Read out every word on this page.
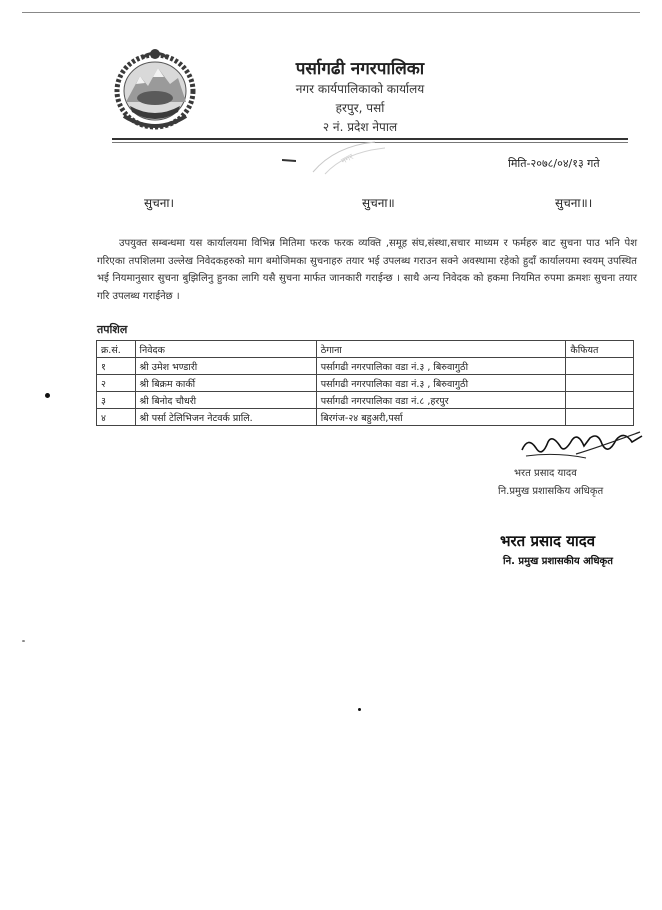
पर्सागढी नगरपालिका
नगर कार्यपालिकाको कार्यालय
हरपुर, पर्सा
२ नं. प्रदेश नेपाल
नगर	मिति-२०७८/०४/१३ गते
सुचना।	सुचना॥	सुचना॥।
उपयुक्त सम्बन्धमा यस कार्यालयमा विभिन्न मितिमा फरक फरक व्यक्ति ,समूह संघ,संस्था,सचार माध्यम र फर्महरु बाट सुचना पाउ भनि पेश गरिएका तपशिलमा उल्लेख निवेदकहरुको माग बमोजिमका सुचनाहरु तयार भई उपलब्ध गराउन सक्ने अवस्थामा रहेको हुदाँ कार्यालयमा स्वयम् उपस्थित भई नियमानुसार सुचना बुझिलिनु हुनका लागि यसै सुचना मार्फत जानकारी गराईन्छ । साथै अन्य निवेदक को हकमा नियमित रुपमा क्रमशः सुचना तयार गरि उपलब्ध गराईनेछ ।
तपशिल
क्र.सं.	निवेदक	ठेगाना	कैफियत
१	श्री उमेश भण्डारी	पर्सागढी नगरपालिका वडा नं.३ , बिरुवागुठी	
२	श्री बिक्रम कार्की	पर्सागढी नगरपालिका वडा नं.३ , बिरुवागुठी	
३	श्री बिनोद चौधरी	पर्सागढी नगरपालिका वडा नं.८ ,हरपुर	
४	श्री पर्सा टेलिभिजन नेटवर्क प्रालि.	बिरगंज-२४ बहुअरी,पर्सा	
भरत प्रसाद यादव
नि.प्रमुख प्रशासकिय अधिकृत
भरत प्रसाद यादव
नि. प्रमुख प्रशासकीय अधिकृत
